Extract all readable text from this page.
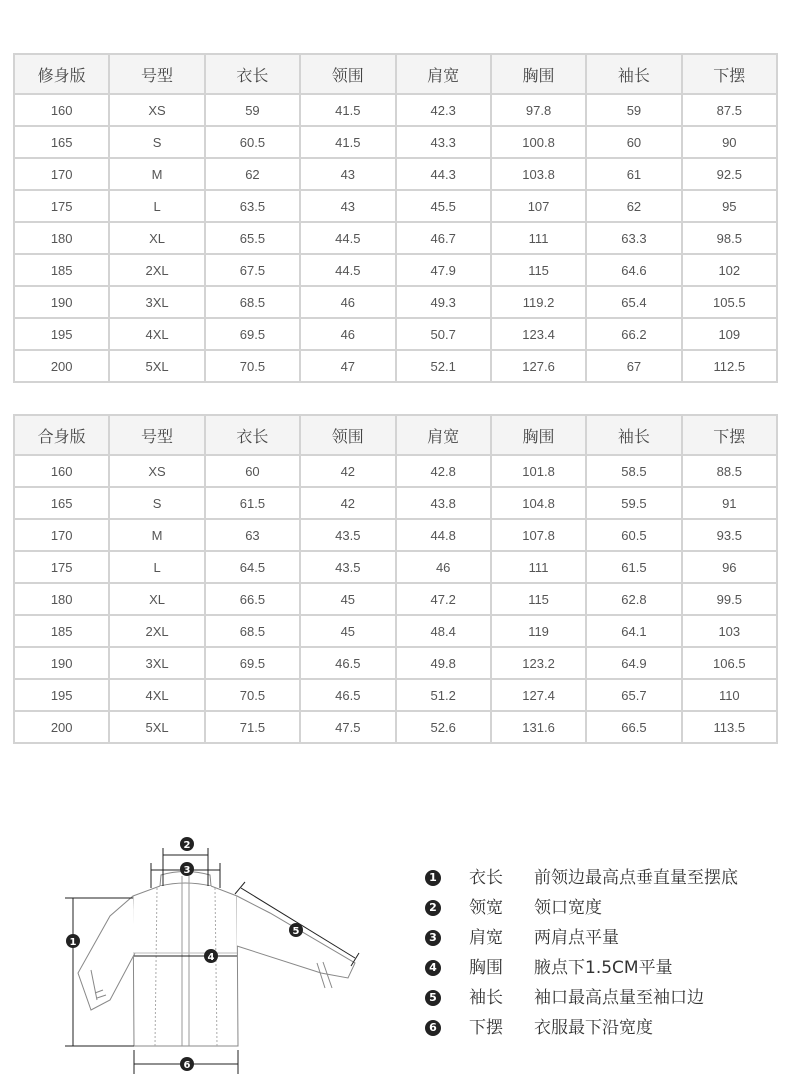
修身版	号型	衣长	领围	肩宽	胸围	袖长	下摆
160	XS	59	41.5	42.3	97.8	59	87.5
165	S	60.5	41.5	43.3	100.8	60	90
170	M	62	43	44.3	103.8	61	92.5
175	L	63.5	43	45.5	107	62	95
180	XL	65.5	44.5	46.7	111	63.3	98.5
185	2XL	67.5	44.5	47.9	115	64.6	102
190	3XL	68.5	46	49.3	119.2	65.4	105.5
195	4XL	69.5	46	50.7	123.4	66.2	109
200	5XL	70.5	47	52.1	127.6	67	112.5
合身版	号型	衣长	领围	肩宽	胸围	袖长	下摆
160	XS	60	42	42.8	101.8	58.5	88.5
165	S	61.5	42	43.8	104.8	59.5	91
170	M	63	43.5	44.8	107.8	60.5	93.5
175	L	64.5	43.5	46	111	61.5	96
180	XL	66.5	45	47.2	115	62.8	99.5
185	2XL	68.5	45	48.4	119	64.1	103
190	3XL	69.5	46.5	49.8	123.2	64.9	106.5
195	4XL	70.5	46.5	51.2	127.4	65.7	110
200	5XL	71.5	47.5	52.6	131.6	66.5	113.5
1
2
3
4
5
6
1 衣长 前领边最高点垂直量至摆底
2 领宽 领口宽度
3 肩宽 两肩点平量
4 胸围 腋点下1.5CM平量
5 袖长 袖口最高点量至袖口边
6 下摆 衣服最下沿宽度
